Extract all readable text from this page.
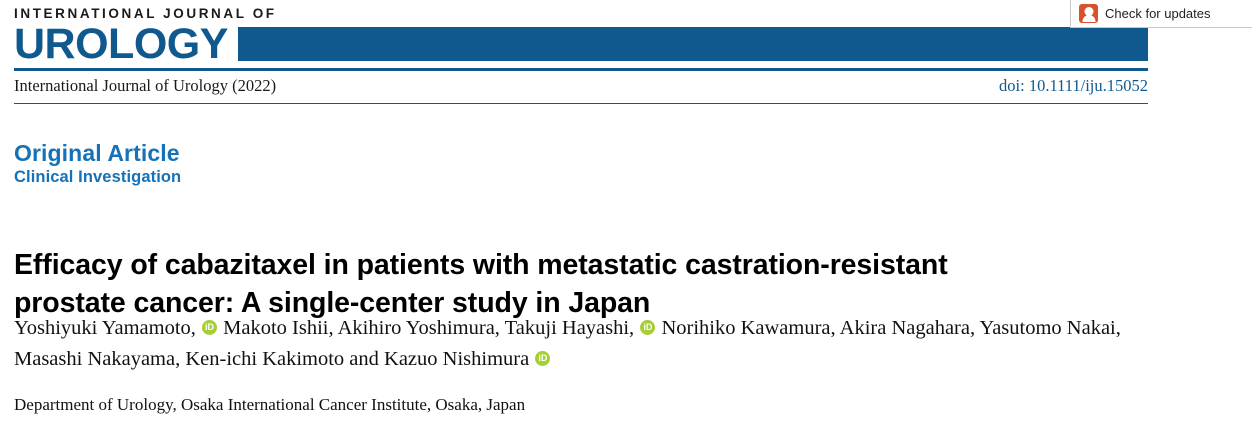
Check for updates
INTERNATIONAL JOURNAL OF
UROLOGY
International Journal of Urology (2022)	doi: 10.1111/iju.15052
Original Article
Clinical Investigation
Efficacy of cabazitaxel in patients with metastatic castration-resistant prostate cancer: A single-center study in Japan
Yoshiyuki Yamamoto, iD Makoto Ishii, Akihiro Yoshimura, Takuji Hayashi, iD Norihiko Kawamura, Akira Nagahara, Yasutomo Nakai, Masashi Nakayama, Ken-ichi Kakimoto and Kazuo Nishimura iD
Department of Urology, Osaka International Cancer Institute, Osaka, Japan
